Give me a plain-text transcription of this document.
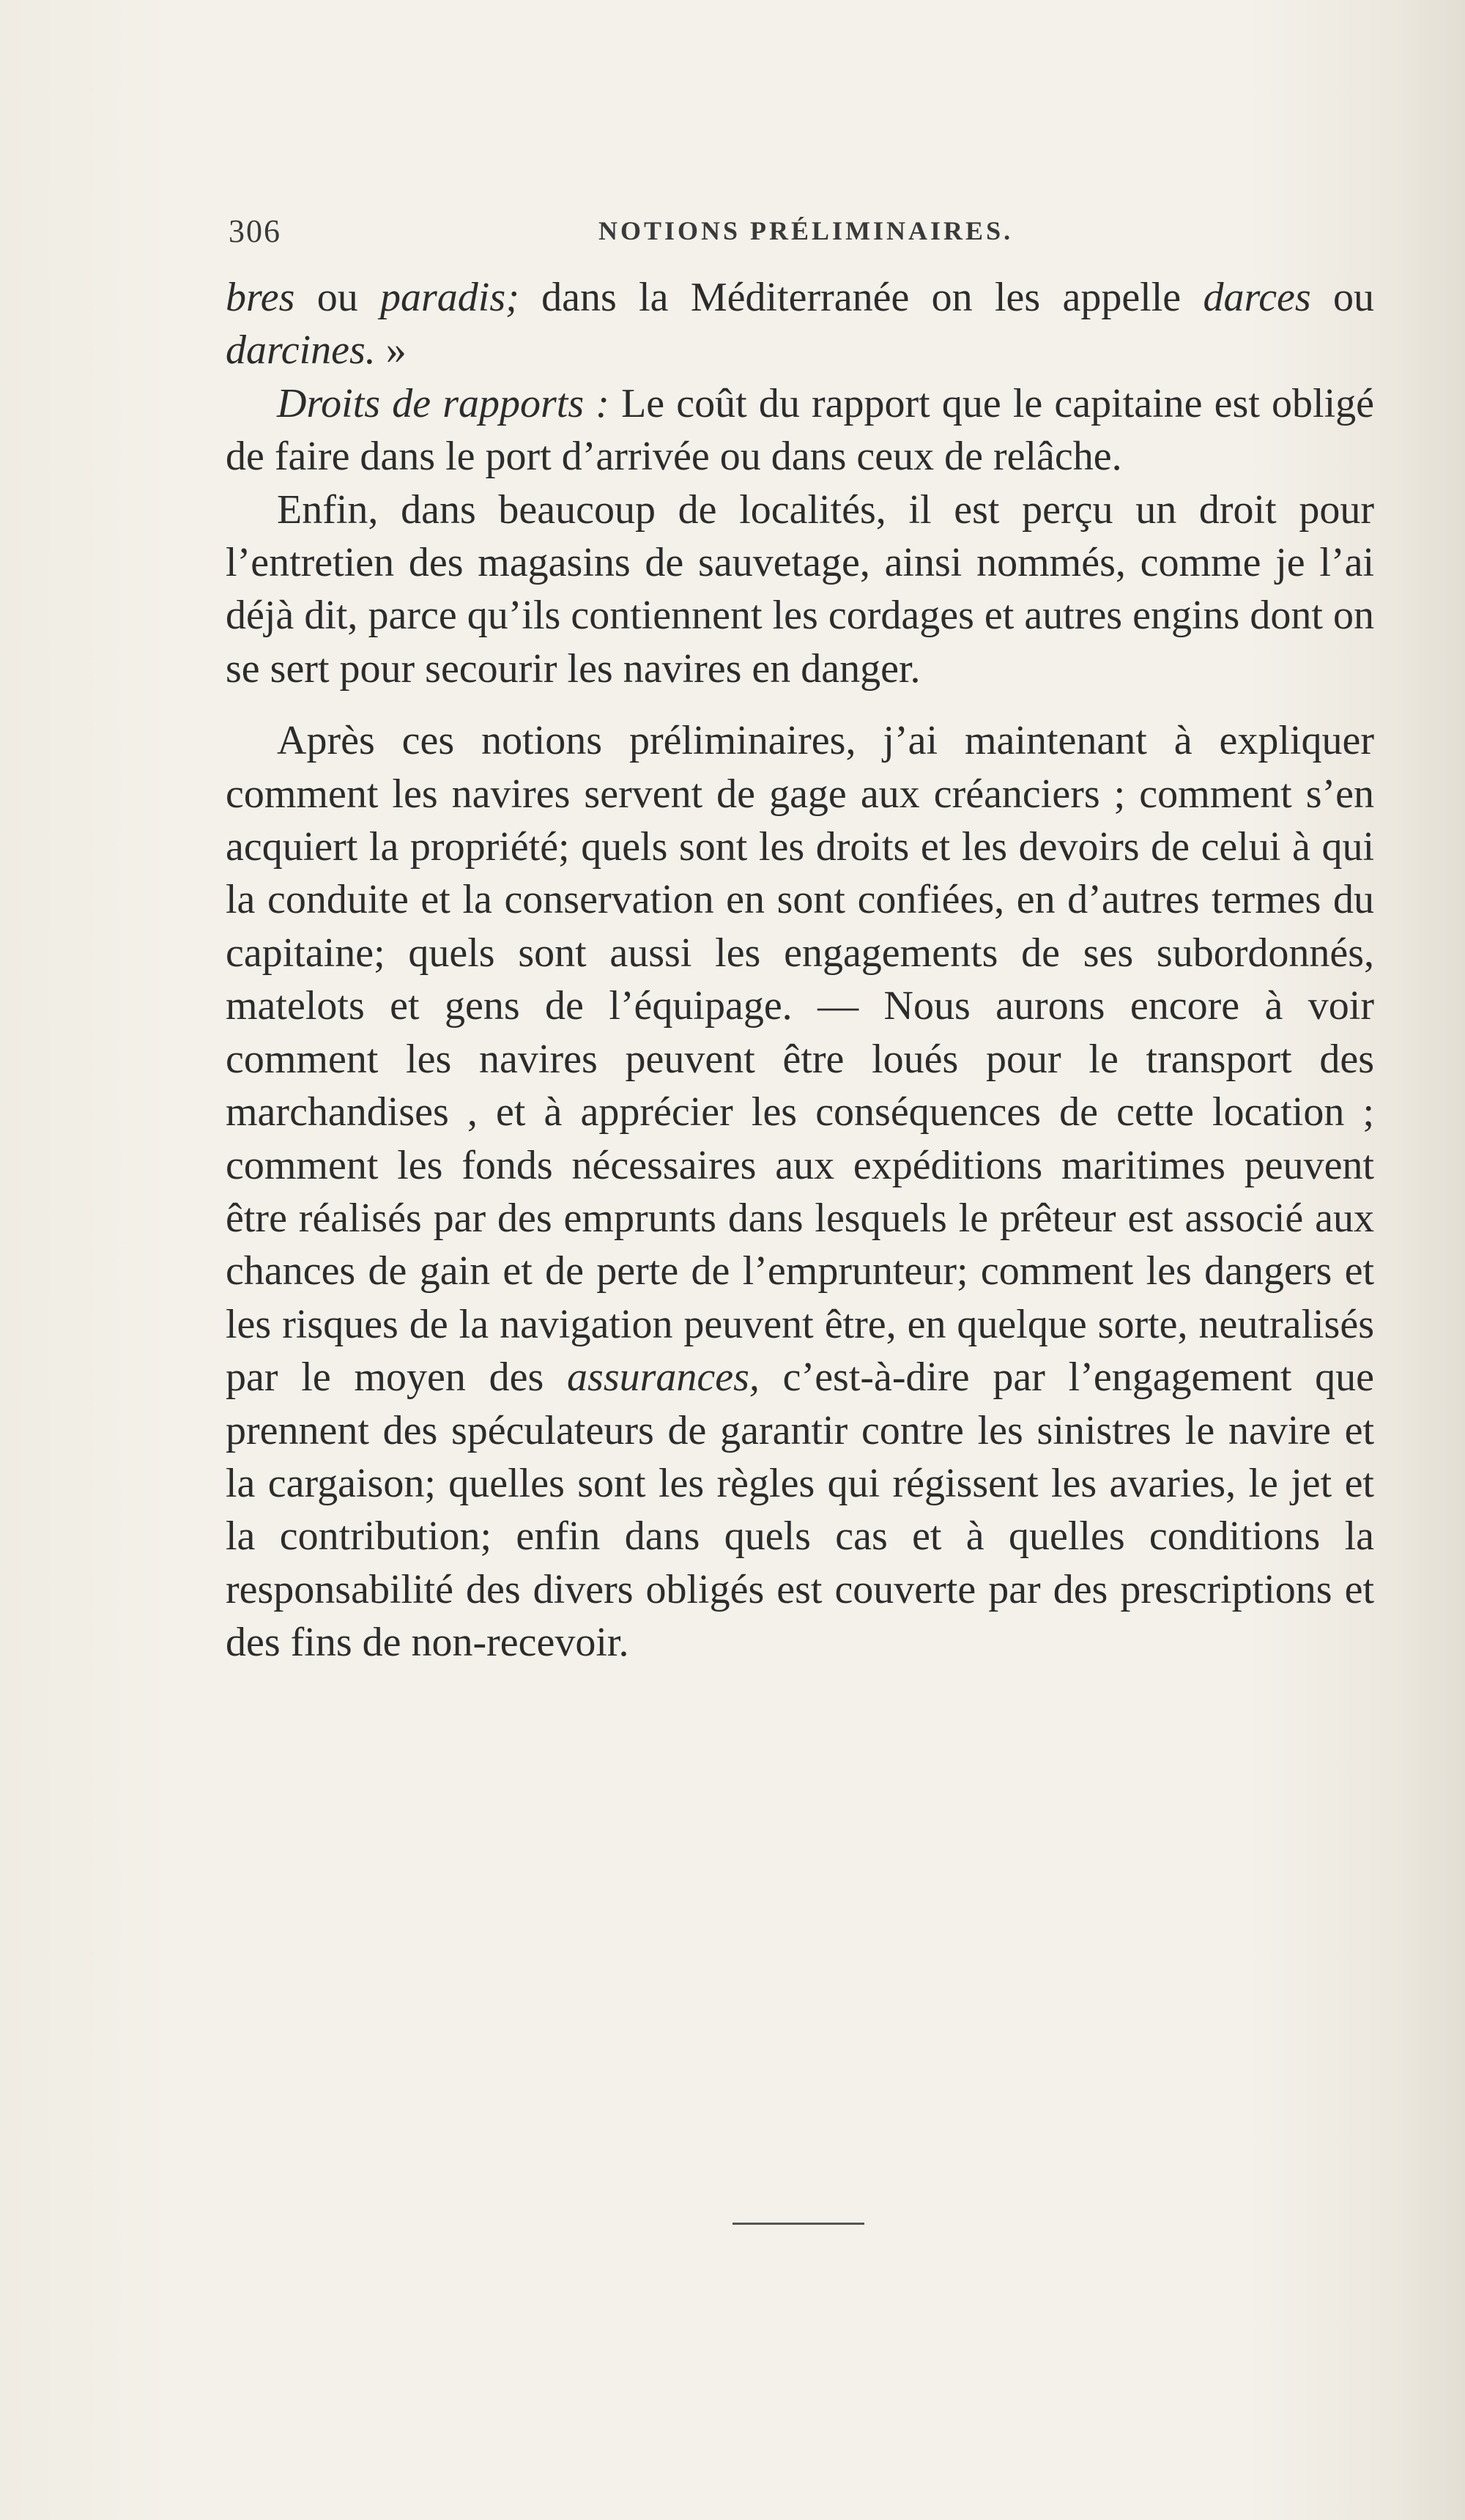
306	NOTIONS PRÉLIMINAIRES.

bres ou paradis; dans la Méditerranée on les appelle darces ou darcines. »

Droits de rapports : Le coût du rapport que le capitaine est obligé de faire dans le port d’arrivée ou dans ceux de relâche.

Enfin, dans beaucoup de localités, il est perçu un droit pour l’entretien des magasins de sauvetage, ainsi nommés, comme je l’ai déjà dit, parce qu’ils contiennent les cordages et autres engins dont on se sert pour secourir les navires en danger.

Après ces notions préliminaires, j’ai maintenant à expliquer comment les navires servent de gage aux créanciers ; comment s’en acquiert la propriété; quels sont les droits et les devoirs de celui à qui la conduite et la conservation en sont confiées, en d’autres termes du capitaine; quels sont aussi les engagements de ses subordonnés, matelots et gens de l’équipage. — Nous aurons encore à voir comment les navires peuvent être loués pour le transport des marchandises , et à apprécier les conséquences de cette location ; comment les fonds nécessaires aux expéditions maritimes peuvent être réalisés par des emprunts dans lesquels le prêteur est associé aux chances de gain et de perte de l’emprunteur; comment les dangers et les risques de la navigation peuvent être, en quelque sorte, neutralisés par le moyen des assurances, c’est-à-dire par l’engagement que prennent des spéculateurs de garantir contre les sinistres le navire et la cargaison; quelles sont les règles qui régissent les avaries, le jet et la contribution; enfin dans quels cas et à quelles conditions la responsabilité des divers obligés est couverte par des prescriptions et des fins de non-recevoir.
